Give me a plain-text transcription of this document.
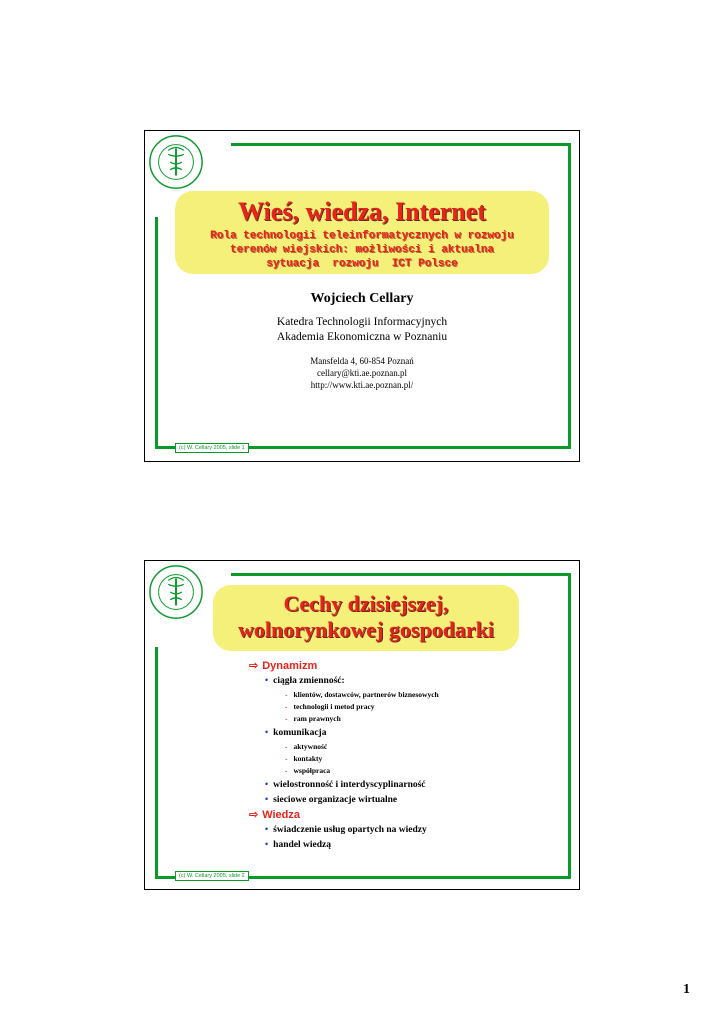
Wieś, wiedza, Internet

Rola technologii teleinformatycznych w rozwoju
terenów wiejskich: możliwości i aktualna
sytuacja  rozwoju  ICT Polsce

Wojciech Cellary
Katedra Technologii Informacyjnych
Akademia Ekonomiczna w Poznaniu
Mansfelda 4, 60-854 Poznań
cellary@kti.ae.poznan.pl
http://www.kti.ae.poznan.pl/
(c) W. Cellary 2005, slide 1

Cechy dzisiejszej,
wolnorynkowej gospodarki

⇨ Dynamizm

• ciągła zmienność:

- klientów, dostawców, partnerów biznesowych

- technologii i metod pracy

- ram prawnych

• komunikacja

- aktywność

- kontakty

- współpraca

• wielostronność i interdyscyplinarność

• sieciowe organizacje wirtualne

⇨ Wiedza

• świadczenie usług opartych na wiedzy

• handel wiedzą

(c) W. Cellary 2005, slide 2
1
